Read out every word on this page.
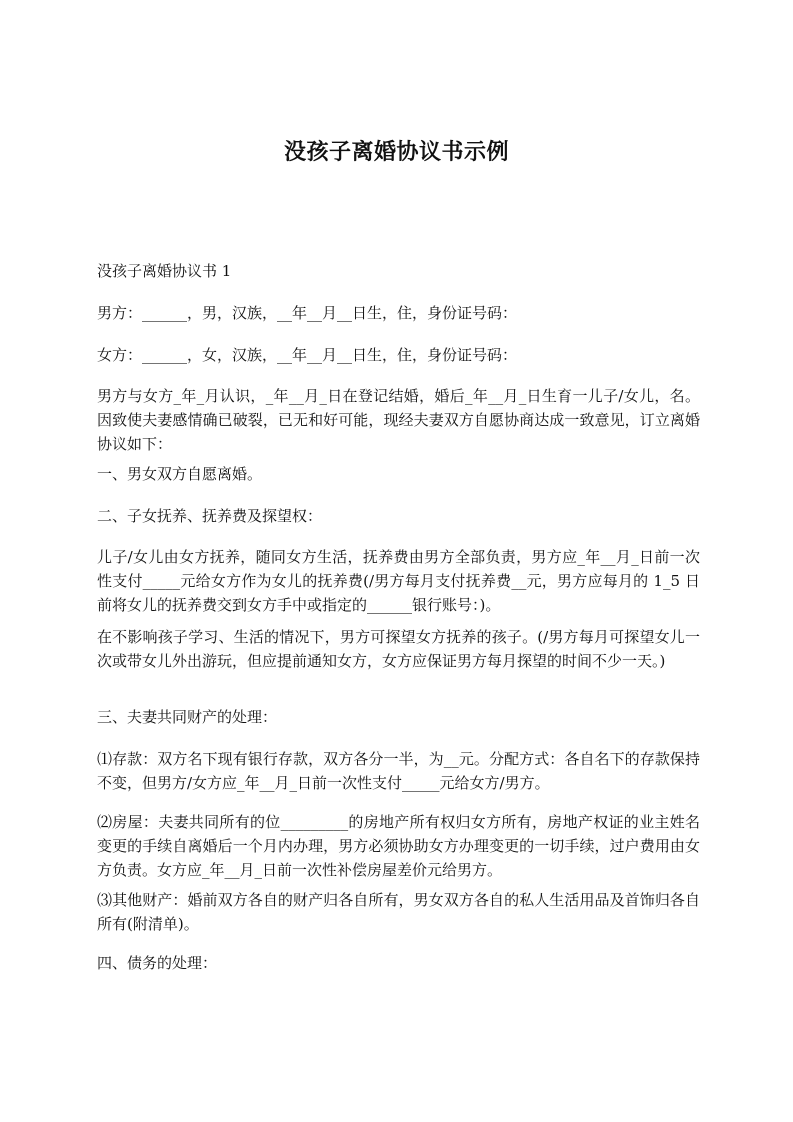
没孩子离婚协议书示例

没孩子离婚协议书 1

男方：______，男，汉族，__年__月__日生，住，身份证号码：

女方：______，女，汉族，__年__月__日生，住，身份证号码：

男方与女方_年_月认识，_年__月_日在登记结婚，婚后_年__月_日生育一儿子/女儿，名。因致使夫妻感情确已破裂，已无和好可能，现经夫妻双方自愿协商达成一致意见，订立离婚协议如下：

一、男女双方自愿离婚。

二、子女抚养、抚养费及探望权：

儿子/女儿由女方抚养，随同女方生活，抚养费由男方全部负责，男方应_年__月_日前一次性支付_____元给女方作为女儿的抚养费(/男方每月支付抚养费__元，男方应每月的 1_5 日前将女儿的抚养费交到女方手中或指定的______银行账号：)。

在不影响孩子学习、生活的情况下，男方可探望女方抚养的孩子。(/男方每月可探望女儿一次或带女儿外出游玩，但应提前通知女方，女方应保证男方每月探望的时间不少一天。)

三、夫妻共同财产的处理：

⑴存款：双方名下现有银行存款，双方各分一半，为__元。分配方式：各自名下的存款保持不变，但男方/女方应_年__月_日前一次性支付_____元给女方/男方。

⑵房屋：夫妻共同所有的位_________的房地产所有权归女方所有，房地产权证的业主姓名变更的手续自离婚后一个月内办理，男方必须协助女方办理变更的一切手续，过户费用由女方负责。女方应_年__月_日前一次性补偿房屋差价元给男方。

⑶其他财产：婚前双方各自的财产归各自所有，男女双方各自的私人生活用品及首饰归各自所有(附清单)。

四、债务的处理：
